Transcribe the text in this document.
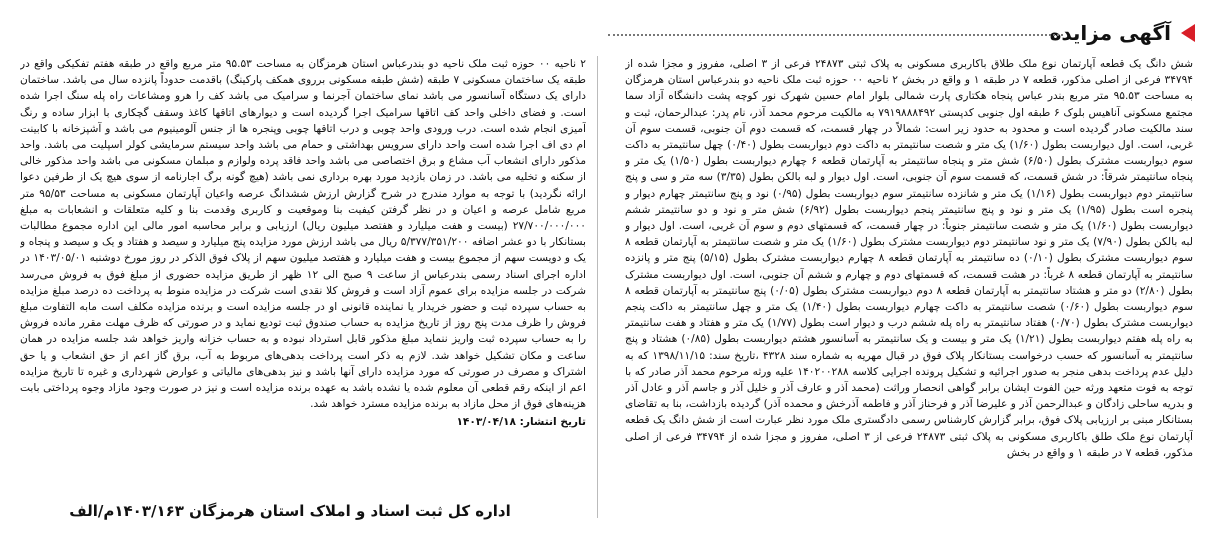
آگهی مزایده

شش دانگ یک قطعه آپارتمان نوع ملک طلاق باکاربری مسکونی به پلاک ثبتی ۲۴۸۷۳ فرعی از ۳ اصلی، مفروز و مجزا شده از ۳۴۷۹۴ فرعی از اصلی مذکور، قطعه ۷ در طبقه ۱ و واقع در بخش ۲ ناحیه ۰۰ حوزه ثبت ملک ناحیه دو بندرعباس استان هرمزگان به مساحت ۹۵.۵۳ متر مربع بندر عباس پنجاه هکتاری پارت شمالی بلوار امام حسین شهرک نور کوچه پشت دانشگاه آزاد سما مجتمع مسکونی آناهیس بلوک ۶ طبقه اول جنوبی کدپستی ۷۹۱۹۸۸۸۴۹۲ به مالکیت مرحوم محمد آذر، نام پدر: عبدالرحمان، ثبت و سند مالکیت صادر گردیده است و محدود به حدود زیر است: شمالاً در چهار قسمت، که قسمت دوم آن جنوبی، قسمت سوم آن غربی، است. اول دیواربست بطول (۱/۶۰) یک متر و شصت سانتیمتر به داکت دوم دیواربست بطول (۰/۴۰) چهل سانتیمتر به داکت سوم دیواربست مشترک بطول (۶/۵۰) شش متر و پنجاه سانتیمتر به آپارتمان قطعه ۶ چهارم دیواربست بطول (۱/۵۰) یک متر و پنجاه سانتیمتر شرقاً: در شش قسمت، که قسمت سوم آن جنوبی، است. اول دیوار و لبه بالکن بطول (۳/۳۵) سه متر و سی و پنج سانتیمتر دوم دیواربست بطول (۱/۱۶) یک متر و شانزده سانتیمتر سوم دیواربست بطول (۰/۹۵) نود و پنج سانتیمتر چهارم دیوار و پنجره است بطول (۱/۹۵) یک متر و نود و پنج سانتیمتر پنجم دیواربست بطول (۶/۹۲) شش متر و نود و دو سانتیمتر ششم دیواربست بطول (۱/۶۰) یک متر و شصت سانتیمتر جنوباً: در چهار قسمت، که قسمتهای دوم و سوم آن غربی، است. اول دیوار و لبه بالکن بطول (۷/۹۰) یک متر و نود سانتیمتر دوم دیواربست مشترک بطول (۱/۶۰) یک متر و شصت سانتیمتر به آپارتمان قطعه ۸ سوم دیواربست مشترک بطول (۰/۱۰) ده سانتیمتر به آپارتمان قطعه ۸ چهارم دیواربست مشترک بطول (۵/۱۵) پنج متر و پانزده سانتیمتر به آپارتمان قطعه ۸ غرباً: در هشت قسمت، که قسمتهای دوم و چهارم و ششم آن جنوبی، است. اول دیواربست مشترک بطول (۲/۸۰) دو متر و هشتاد سانتیمتر به آپارتمان قطعه ۸ دوم دیواربست مشترک بطول (۰/۰۵) پنج سانتیمتر به آپارتمان قطعه ۸ سوم دیواربست بطول (۰/۶۰) شصت سانتیمتر به داکت چهارم دیواربست بطول (۱/۴۰) یک متر و چهل سانتیمتر به داکت پنجم دیواربست مشترک بطول (۰/۷۰) هفتاد سانتیمتر به راه پله ششم درب و دیوار است بطول (۱/۷۷) یک متر و هفتاد و هفت سانتیمتر به راه پله هفتم دیواربست بطول (۱/۲۱) یک متر و بیست و یک سانتیمتر به آسانسور هشتم دیواربست بطول (۰/۸۵) هشتاد و پنج سانتیمتر به آسانسور که حسب درخواست بستانکار پلاک فوق در قبال مهریه به شماره سند ۴۳۲۸ ،تاریخ سند: ۱۳۹۸/۱۱/۱۵ که به دلیل عدم پرداخت بدهی منجر به صدور اجرائیه و تشکیل پرونده اجرایی کلاسه ۱۴۰۲۰۰۲۸۸ علیه ورثه مرحوم محمد آذر صادر که با توجه به فوت متعهد ورثه حین الفوت ایشان برابر گواهی انحصار وراثت (محمد آذر و عارف آذر و خلیل آذر و جاسم آذر و عادل آذر و بدریه ساحلی زادگان و عبدالرحمن آذر و علیرضا آذر و فرحناز آذر و فاطمه آذرخش و محمده آذر) گردیده بازداشت، بنا به تقاضای بستانکار مبنی بر ارزیابی پلاک فوق، برابر گزارش کارشناس رسمی دادگستری ملک مورد نظر عبارت است از شش دانگ یک قطعه آپارتمان نوع ملک طلق باکاربری مسکونی به پلاک ثبتی ۲۴۸۷۳ فرعی از ۳ اصلی، مفروز و مجزا شده از ۳۴۷۹۴ فرعی از اصلی مذکور، قطعه ۷ در طبقه ۱ و واقع در بخش

۲ ناحیه ۰۰ حوزه ثبت ملک ناحیه دو بندرعباس استان هرمزگان به مساحت ۹۵.۵۳ متر مربع واقع در طبقه هفتم تفکیکی واقع در طبقه یک ساختمان مسکونی ۷ طبقه (شش طبقه مسکونی برروی همکف پارکینگ) باقدمت حدوداً پانزده سال می باشد. ساختمان دارای یک دستگاه آسانسور می باشد نمای ساختمان آجرنما و سرامیک می باشد کف را هرو ومشاعات راه پله سنگ اجرا شده است. و فضای داخلی واحد کف اتاقها سرامیک اجرا گردیده است و دیوارهای اتاقها کاغذ وسقف گچکاری با ابزار ساده و رنگ آمیزی انجام شده است. درب ورودی واحد چوبی و درب اتاقها چوبی وپنجره ها از جنس آلومینیوم می باشد و آشپزخانه با کابینت ام دی اف اجرا شده است واحد دارای سرویس بهداشتی و حمام می باشد واحد سیستم سرمایشی کولر اسپلیت می باشد. واحد مذکور دارای انشعاب آب مشاع و برق اختصاصی می باشد واحد فاقد پرده ولوازم و مبلمان مسکونی می باشد واحد مذکور خالی از سکنه و تخلیه می باشد. در زمان بازدید مورد بهره برداری نمی باشد (هیچ گونه برگ اجارنامه از سوی هیچ یک از طرفین دعوا ارائه نگردید) با توجه به موارد مندرج در شرح گزارش ارزش ششدانگ عرصه واعیان آپارتمان مسکونی به مساحت ۹۵/۵۳ متر مربع شامل عرصه و اعیان و در نظر گرفتن کیفیت بنا وموقعیت و کاربری وقدمت بنا و کلیه متعلقات و انشعابات به مبلغ ۲۷/۷۰۰/۰۰۰/۰۰۰ (بیست و هفت میلیارد و هفتصد میلیون ریال) ارزیابی و برابر محاسبه امور مالی این اداره مجموع مطالبات بستانکار با دو عشر اضافه ۵/۳۷۷/۳۵۱/۲۰۰ ریال می باشد ارزش مورد مزایده پنج میلیارد و سیصد و هفتاد و یک و سیصد و پنجاه و یک و دویست سهم از مجموع بیست و هفت میلیارد و هفتصد میلیون سهم از پلاک فوق الذکر در روز مورخ دوشنبه ۱۴۰۳/۰۵/۰۱ در اداره اجرای اسناد رسمی بندرعباس از ساعت ۹ صبح الی ۱۲ ظهر از طریق مزایده حضوری از مبلغ فوق به فروش می‌رسد شرکت در جلسه مزایده برای عموم آزاد است و فروش کلا نقدی است شرکت در مزایده منوط به پرداخت ده درصد مبلغ مزایده به حساب سپرده ثبت و حضور خریدار یا نماینده قانونی او در جلسه مزایده است و برنده مزایده مکلف است مابه التفاوت مبلغ فروش را ظرف مدت پنج روز از تاریخ مزایده به حساب صندوق ثبت تودیع نماید و در صورتی که ظرف مهلت مقرر مانده فروش را به حساب سپرده ثبت واریز ننماید مبلغ مذکور قابل استرداد نبوده و به حساب خزانه واریز خواهد شد جلسه مزایده در همان ساعت و مکان تشکیل خواهد شد. لازم به ذکر است پرداخت بدهی‌های مربوط به آب، برق گاز اعم از حق انشعاب و یا حق اشتراک و مصرف در صورتی که مورد مزایده دارای آنها باشد و نیز بدهی‌های مالیاتی و عوارض شهرداری و غیره تا تاریخ مزایده اعم از اینکه رقم قطعی آن معلوم شده یا نشده باشد به عهده برنده مزایده است و نیز در صورت وجود مازاد وجوه پرداختی بابت هزینه‌های فوق از محل مازاد به برنده مزایده مسترد خواهد شد.

تاریخ انتشار: ۱۴۰۳/۰۴/۱۸

اداره کل ثبت اسناد و املاک استان هرمزگان ۱۴۰۳/۱۶۳م/الف
